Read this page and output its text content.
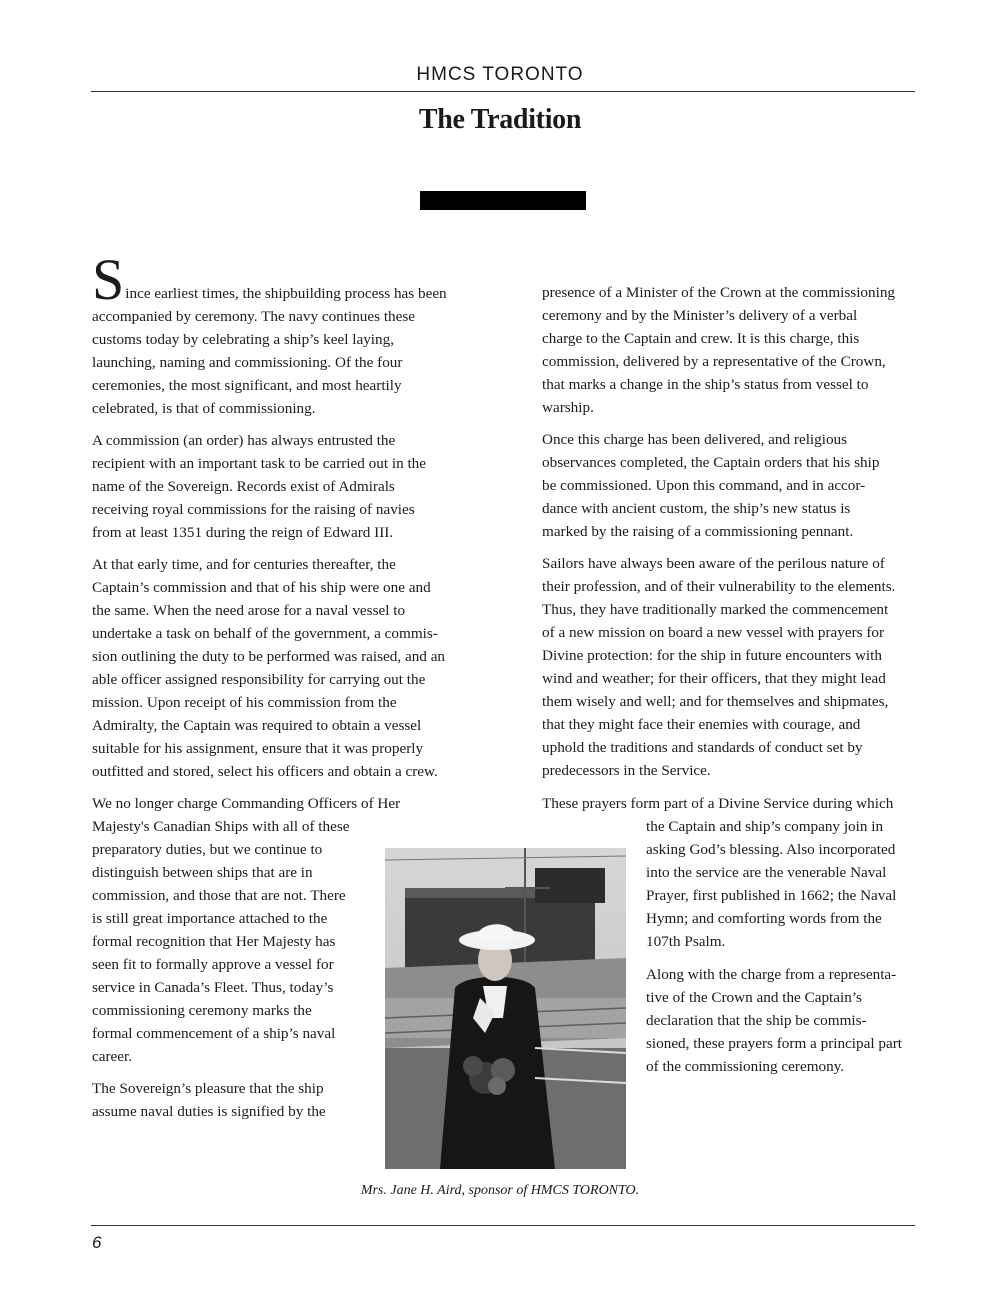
HMCS TORONTO
The Tradition
S ince earliest times, the shipbuilding process has been
accompanied by ceremony. The navy continues these
customs today by celebrating a ship’s keel laying,
launching, naming and commissioning. Of the four
ceremonies, the most significant, and most heartily
celebrated, is that of commissioning.

A commission (an order) has always entrusted the
recipient with an important task to be carried out in the
name of the Sovereign. Records exist of Admirals
receiving royal commissions for the raising of navies
from at least 1351 during the reign of Edward III.

At that early time, and for centuries thereafter, the
Captain’s commission and that of his ship were one and
the same. When the need arose for a naval vessel to
undertake a task on behalf of the government, a commis-
sion outlining the duty to be performed was raised, and an
able officer assigned responsibility for carrying out the
mission. Upon receipt of his commission from the
Admiralty, the Captain was required to obtain a vessel
suitable for his assignment, ensure that it was properly
outfitted and stored, select his officers and obtain a crew.

We no longer charge Commanding Officers of Her
Majesty's Canadian Ships with all of these
preparatory duties, but we continue to
distinguish between ships that are in
commission, and those that are not. There
is still great importance attached to the
formal recognition that Her Majesty has
seen fit to formally approve a vessel for
service in Canada’s Fleet. Thus, today’s
commissioning ceremony marks the
formal commencement of a ship’s naval
career.

The Sovereign’s pleasure that the ship
assume naval duties is signified by the

presence of a Minister of the Crown at the commissioning
ceremony and by the Minister’s delivery of a verbal
charge to the Captain and crew. It is this charge, this
commission, delivered by a representative of the Crown,
that marks a change in the ship’s status from vessel to
warship.

Once this charge has been delivered, and religious
observances completed, the Captain orders that his ship
be commissioned. Upon this command, and in accor-
dance with ancient custom, the ship’s new status is
marked by the raising of a commissioning pennant.

Sailors have always been aware of the perilous nature of
their profession, and of their vulnerability to the elements.
Thus, they have traditionally marked the commencement
of a new mission on board a new vessel with prayers for
Divine protection: for the ship in future encounters with
wind and weather; for their officers, that they might lead
them wisely and well; and for themselves and shipmates,
that they might face their enemies with courage, and
uphold the traditions and standards of conduct set by
predecessors in the Service.

These prayers form part of a Divine Service during which

the Captain and ship’s company join in
asking God’s blessing. Also incorporated
into the service are the venerable Naval
Prayer, first published in 1662; the Naval
Hymn; and comforting words from the
107th Psalm.

Along with the charge from a representa-
tive of the Crown and the Captain’s
declaration that the ship be commis-
sioned, these prayers form a principal part
of the commissioning ceremony.

Mrs. Jane H. Aird, sponsor of HMCS TORONTO.
6
